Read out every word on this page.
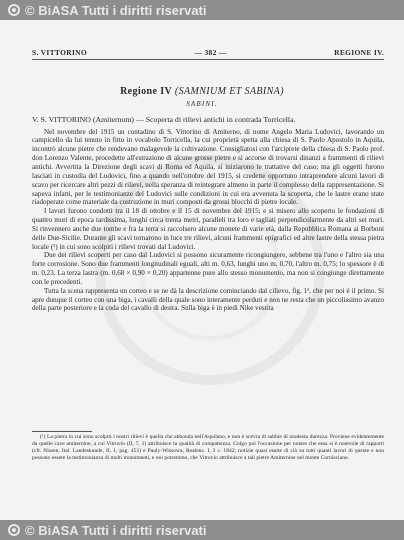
© BiASA Tutti i diritti riservati
S. VITTORINO	— 382 —	REGIONE IV.
Regione IV (SAMNIUM ET SABINA)
SABINI.

V. S. VITTORINO (Amiternum) — Scoperta di rilievi antichi in contrada Torricella.

Nel novembre del 1915 un contadino di S. Vittorino di Amiterno, di nome Angelo Maria Ludovici, lavorando un campicello da lui tenuto in fitto in vocabolo Torricella, la cui proprietà spetta alla chiesa di S. Paolo Apostolo in Aquila, incontrò alcune pietre che rendevano malagevole la coltivazione. Consigliatosi con l'arciprete della chiesa di S. Paolo prof. don Lorenzo Valente, procedette all'estrazione di alcune grosse pietre e si accorse di trovarsi dinanzi a frammenti di rilievi antichi. Avvertita la Direzione degli scavi di Roma ed Aquila, si iniziarono le trattative del caso; ma gli oggetti furono lasciati in custodia del Ludovici, fino a quando nell'ottobre del 1915, si credette opportuno intraprendere alcuni lavori di scavo per ricercare altri pezzi di rilievi, nella speranza di reintegrare almeno in parte il complesso della rappresentazione. Si sapeva infatti, per le testimonianze del Ludovici sulle condizioni in cui era avvenuta la scoperta, che le lastre erano state riadoperate come materiale da costruzione in muri composti da grossi blocchi di pietre locale.

I lavori furono condotti tra il 18 di ottobre e il 15 di novembre del 1915; e si misero allo scoperto le fondazioni di quattro muri di epoca tardissima, lunghi circa trenta metri, paralleli tra loro e tagliati perpendicolarmente da altri sei muri. Si rinvennero anche due tombe e fra la terra si raccolsero alcune monete di varie età, dalla Repubblica Romana ai Borboni delle Due-Sicilie. Durante gli scavi tornarono in luce tre rilievi, alcuni frammenti epigrafici ed altre lastre della stessa pietra locale (¹) in cui sono scolpiti i rilievi trovati dal Ludovici.

Due dei rilievi scoperti per caso dal Ludovici si possono sicuramente ricongiungere, sebbene tra l'uno e l'altro sia una forte corrosione. Sono due frammenti longitudinali eguali, alti m. 0,63, lunghi uno m. 0,70, l'altro m. 0,75; lo spessore è di m. 0,23. La terza lastra (m. 0,68 × 0,90 × 0,20) appartenne pure allo stesso monumento, ma non si congiunge direttamente con le precedenti.

Tutta la scena rappresenta un corteo e se ne dà la descrizione cominciando dal cilievo, fig. 1ª, che per noi è il primo. Si apre dunque il corteo con una biga, i cavalli della quale sono interamente perduti e non ne resta che un piccolissimo avanzo della parte posteriore e la coda del cavallo di destra. Sulla biga è in piedi Nike vestita

(¹) La pietra in cui sono scolpiti i nostri rilievi è quella che abbonda nell'Aquilano, e non è scevra di sabbie di modesta durezza. Proviene evidentemente da quelle cave amiternine, a cui Vitruvio (II, 7, 1) attribuisce la qualità di compattezza. Colgo poi l'occasione per notare che essa si è notevole di rapporti (cfr. Nissen, Ital. Landeskunde, II, 1, pag. 451) e Pauly-Wissowa, Realenc. I, 2 c. 1842; notizie quasi esatte di ciò su tutti quanti lavori di queste e non possono essere la testimonianza di molti monumenti, e noi potremmo, che Vitruvio attribuisce a tali pietre Amiternine nel monte Cornisciano.

© BiASA Tutti i diritti riservati
